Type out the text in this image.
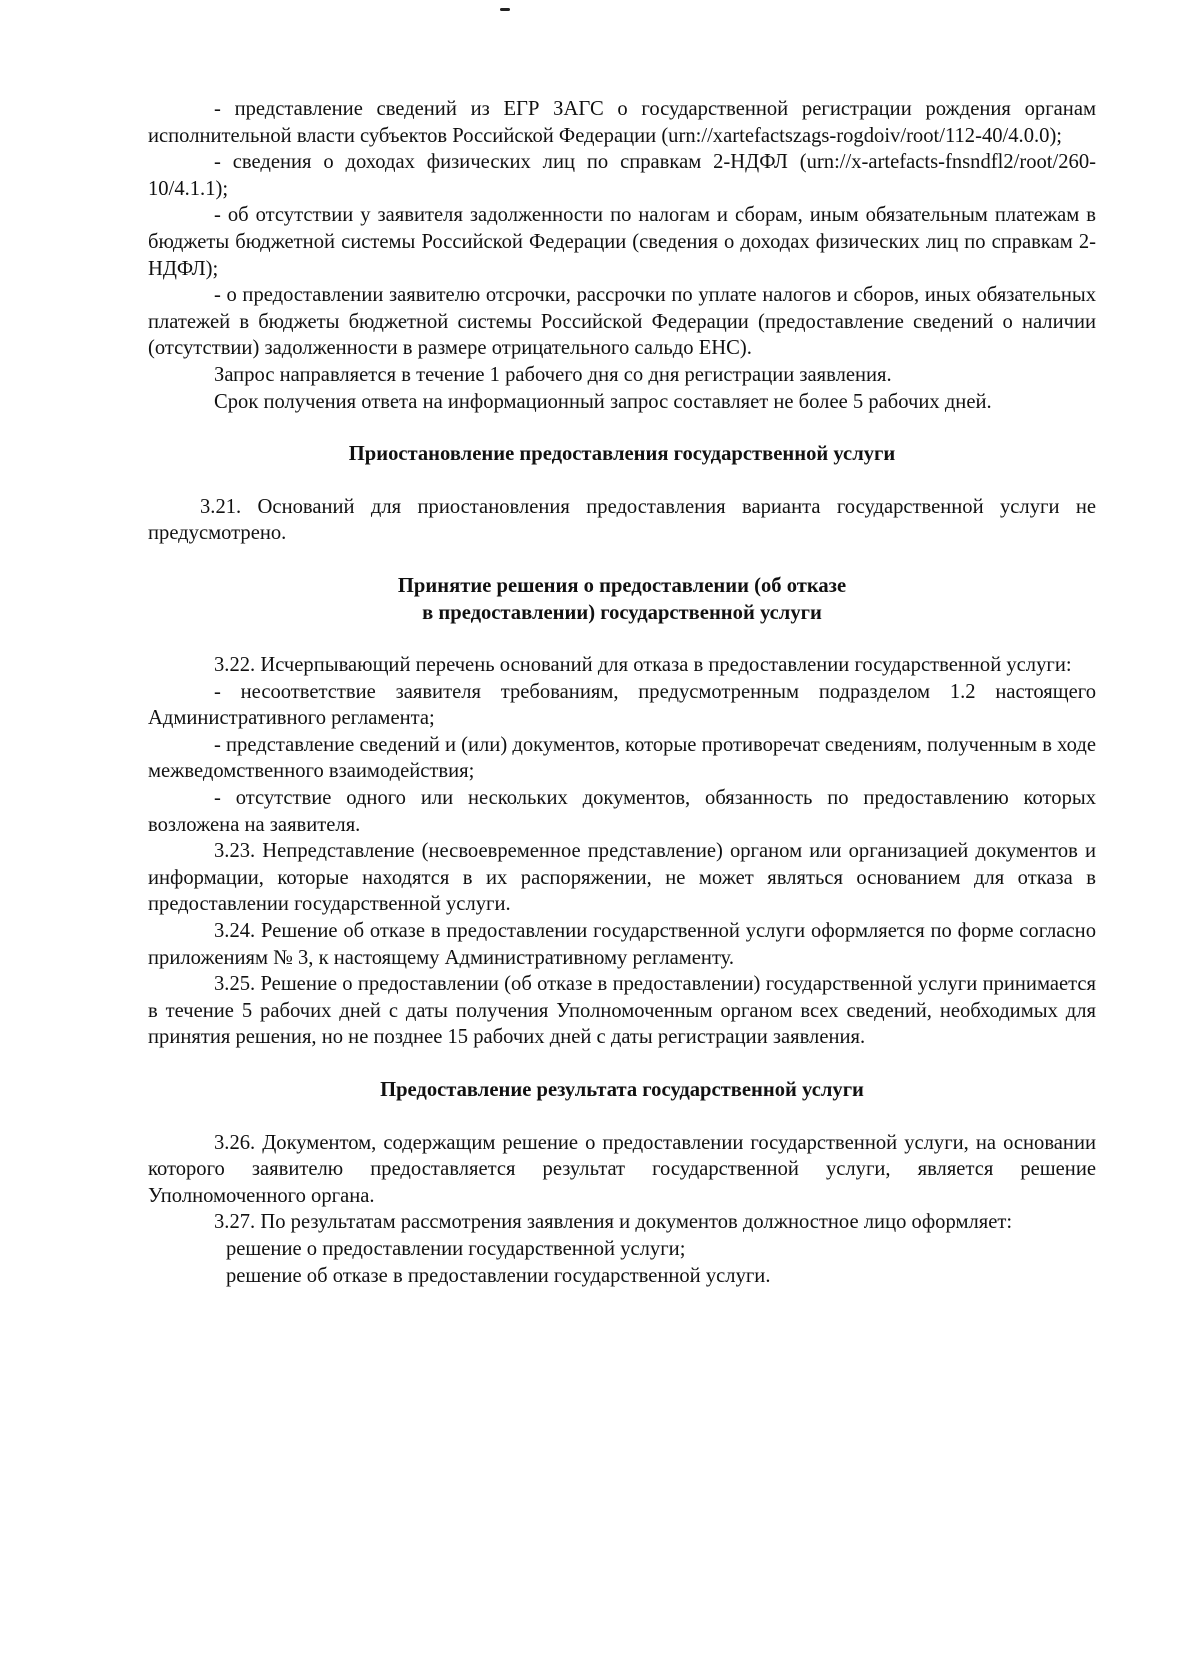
- представление сведений из ЕГР ЗАГС о государственной регистрации рождения органам исполнительной власти субъектов Российской Федерации (urn://xartefactszags-rogdoiv/root/112-40/4.0.0);

- сведения о доходах физических лиц по справкам 2-НДФЛ (urn://x-artefacts-fnsndfl2/root/260-10/4.1.1);

- об отсутствии у заявителя задолженности по налогам и сборам, иным обязательным платежам в бюджеты бюджетной системы Российской Федерации (сведения о доходах физических лиц по справкам 2-НДФЛ);

- о предоставлении заявителю отсрочки, рассрочки по уплате налогов и сборов, иных обязательных платежей в бюджеты бюджетной системы Российской Федерации (предоставление сведений о наличии (отсутствии) задолженности в размере отрицательного сальдо ЕНС).

Запрос направляется в течение 1 рабочего дня со дня регистрации заявления.

Срок получения ответа на информационный запрос составляет не более 5 рабочих дней.

Приостановление предоставления государственной услуги

3.21. Оснований для приостановления предоставления варианта государственной услуги не предусмотрено.

Принятие решения о предоставлении (об отказе

в предоставлении) государственной услуги

3.22. Исчерпывающий перечень оснований для отказа в предоставлении государственной услуги:

- несоответствие заявителя требованиям, предусмотренным подразделом 1.2 настоящего Административного регламента;

- представление сведений и (или) документов, которые противоречат сведениям, полученным в ходе межведомственного взаимодействия;

- отсутствие одного или нескольких документов, обязанность по предоставлению которых возложена на заявителя.

3.23. Непредставление (несвоевременное представление) органом или организацией документов и информации, которые находятся в их распоряжении, не может являться основанием для отказа в предоставлении государственной услуги.

3.24. Решение об отказе в предоставлении государственной услуги оформляется по форме согласно приложениям № 3, к настоящему Административному регламенту.

3.25. Решение о предоставлении (об отказе в предоставлении) государственной услуги принимается в течение 5 рабочих дней с даты получения Уполномоченным органом всех сведений, необходимых для принятия решения, но не позднее 15 рабочих дней с даты регистрации заявления.

Предоставление результата государственной услуги

3.26. Документом, содержащим решение о предоставлении государственной услуги, на основании которого заявителю предоставляется результат государственной услуги, является решение Уполномоченного органа.

3.27. По результатам рассмотрения заявления и документов должностное лицо оформляет:

решение о предоставлении государственной услуги;

решение об отказе в предоставлении государственной услуги.
